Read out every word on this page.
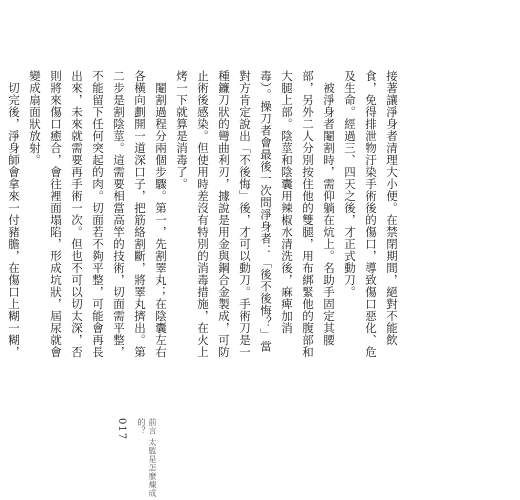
接著讓淨身者清理大小便。在禁閉期間，絕對不能飲食，免得排泄物汙染手術後的傷口，導致傷口惡化、危及生命。經過三、四天之後，才正式動刀。

被淨身者閹割時，需仰躺在炕上。名助手固定其腰部，另外二人分別按住他的雙腿，用布綁緊他的腹部和大腿上部。陰莖和陰囊用辣椒水清洗後，麻痺加消毒）。操刀者會最後一次問淨身者：「後不後悔？」當對方肯定說出「不後悔」後，才可以動刀。手術刀是一種鐮刀狀的彎曲利刃，據說是用金與鋼合金製成，可防止術後感染。但使用時差沒有特別的消毒措施，在火上烤一下就算是消毒了。

閹割過程分兩個步驟。第一，先割睪丸；在陰囊左右各橫向劃開一道深口子，把筋絡割斷，將睪丸擠出。第二步是割陰莖。這需要相當高竿的技術，切面需平整，不能留下任何突起的肉。切面若不夠平整，可能會再長出來，未來就需要再手術一次。但也不可以切太深，否則將來傷口癒合，會往裡面塌陷，形成坑狀，屆尿就會變成扇面狀放射。

切完後，淨身師會拿來一付豬膽，在傷口上糊一糊，

017	前言 太監是怎麼煉成的？
